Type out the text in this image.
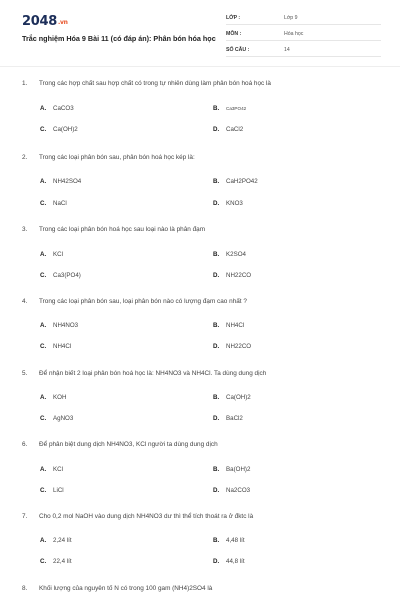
2048.vn
Trắc nghiệm Hóa 9 Bài 11 (có đáp án): Phân bón hóa học
LỚP :	Lớp 9
MÔN :	Hóa học
SỐ CÂU :	14
1. Trong các hợp chất sau hợp chất có trong tự nhiên dùng làm phân bón hoá học là
A. CaCO3	B. Ca3PO42
C. Ca(OH)2	D. CaCl2
2. Trong các loại phân bón sau, phân bón hoá học kép là:
A. NH42SO4	B. CaH2PO42
C. NaCl	D. KNO3
3. Trong các loại phân bón hoá học sau loại nào là phân đạm
A. KCl	B. K2SO4
C. Ca3(PO4)	D. NH22CO
4. Trong các loại phân bón sau, loại phân bón nào có lượng đạm cao nhất ?
A. NH4NO3	B. NH4Cl
C. NH4Cl	D. NH22CO
5. Để nhận biết 2 loại phân bón hoá học là: NH4NO3 và NH4Cl. Ta dùng dung dịch
A. KOH	B. Ca(OH)2
C. AgNO3	D. BaCl2
6. Để phân biệt dung dịch NH4NO3, KCl người ta dùng dung dịch
A. KCl	B. Ba(OH)2
C. LiCl	D. Na2CO3
7. Cho 0,2 mol NaOH vào dung dịch NH4NO3 dư thì thể tích thoát ra ở đktc là
A. 2,24 lít	B. 4,48 lít
C. 22,4 lít	D. 44,8 lít
8. Khối lượng của nguyên tố N có trong 100 gam (NH4)2SO4 là
